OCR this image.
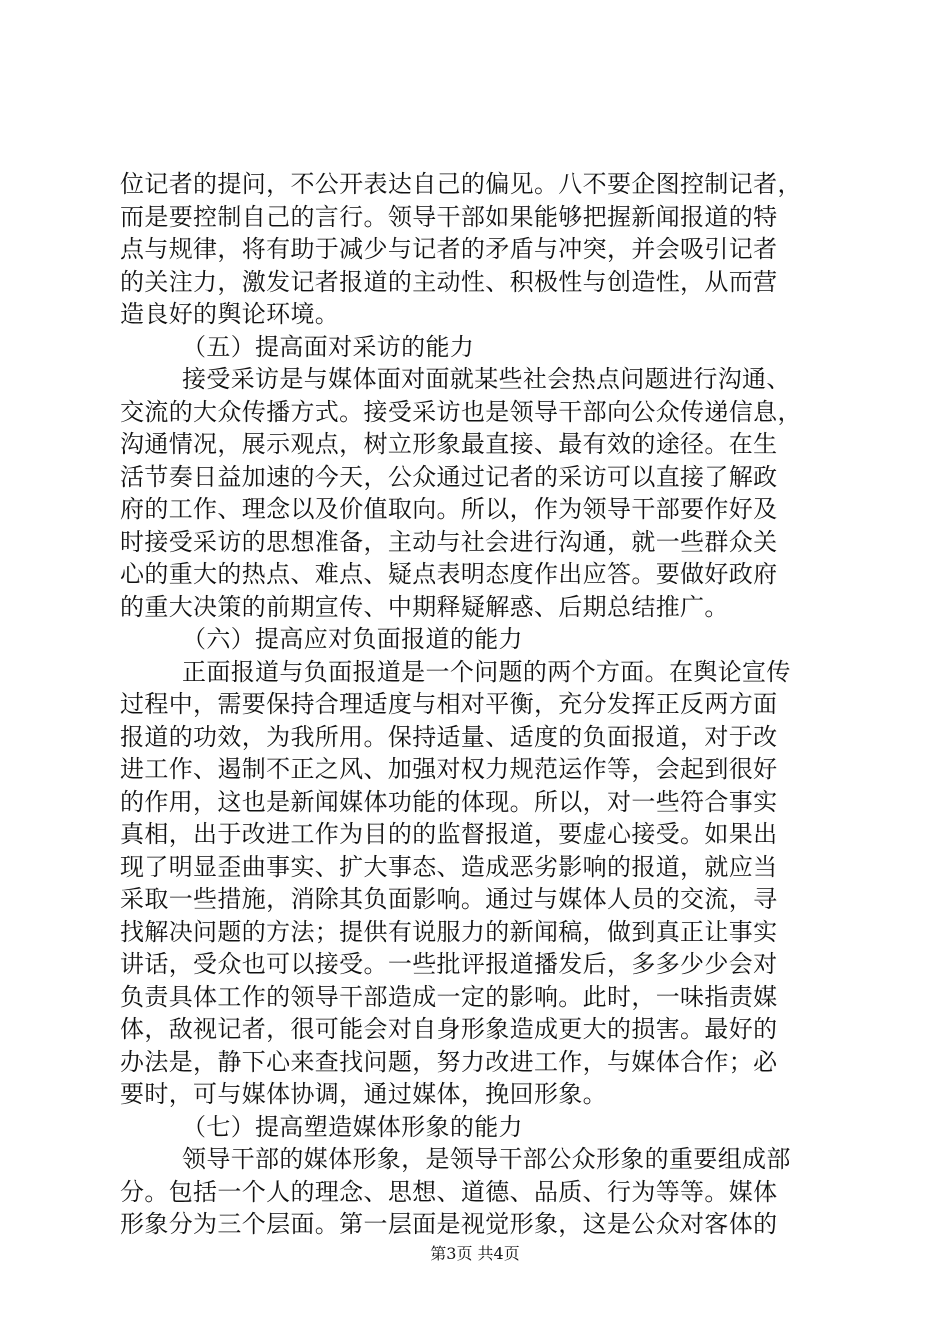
位记者的提问，不公开表达自己的偏见。八不要企图控制记者，
而是要控制自己的言行。领导干部如果能够把握新闻报道的特
点与规律，将有助于减少与记者的矛盾与冲突，并会吸引记者
的关注力，激发记者报道的主动性、积极性与创造性，从而营
造良好的舆论环境。
（五）提高面对采访的能力
接受采访是与媒体面对面就某些社会热点问题进行沟通、
交流的大众传播方式。接受采访也是领导干部向公众传递信息，
沟通情况，展示观点，树立形象最直接、最有效的途径。在生
活节奏日益加速的今天，公众通过记者的采访可以直接了解政
府的工作、理念以及价值取向。所以，作为领导干部要作好及
时接受采访的思想准备，主动与社会进行沟通，就一些群众关
心的重大的热点、难点、疑点表明态度作出应答。要做好政府
的重大决策的前期宣传、中期释疑解惑、后期总结推广。
（六）提高应对负面报道的能力
正面报道与负面报道是一个问题的两个方面。在舆论宣传
过程中，需要保持合理适度与相对平衡，充分发挥正反两方面
报道的功效，为我所用。保持适量、适度的负面报道，对于改
进工作、遏制不正之风、加强对权力规范运作等，会起到很好
的作用，这也是新闻媒体功能的体现。所以，对一些符合事实
真相，出于改进工作为目的的监督报道，要虚心接受。如果出
现了明显歪曲事实、扩大事态、造成恶劣影响的报道，就应当
采取一些措施，消除其负面影响。通过与媒体人员的交流，寻
找解决问题的方法；提供有说服力的新闻稿，做到真正让事实
讲话，受众也可以接受。一些批评报道播发后，多多少少会对
负责具体工作的领导干部造成一定的影响。此时，一味指责媒
体，敌视记者，很可能会对自身形象造成更大的损害。最好的
办法是，静下心来查找问题，努力改进工作，与媒体合作；必
要时，可与媒体协调，通过媒体，挽回形象。
（七）提高塑造媒体形象的能力
领导干部的媒体形象，是领导干部公众形象的重要组成部
分。包括一个人的理念、思想、道德、品质、行为等等。媒体
形象分为三个层面。第一层面是视觉形象，这是公众对客体的
第3页 共4页
